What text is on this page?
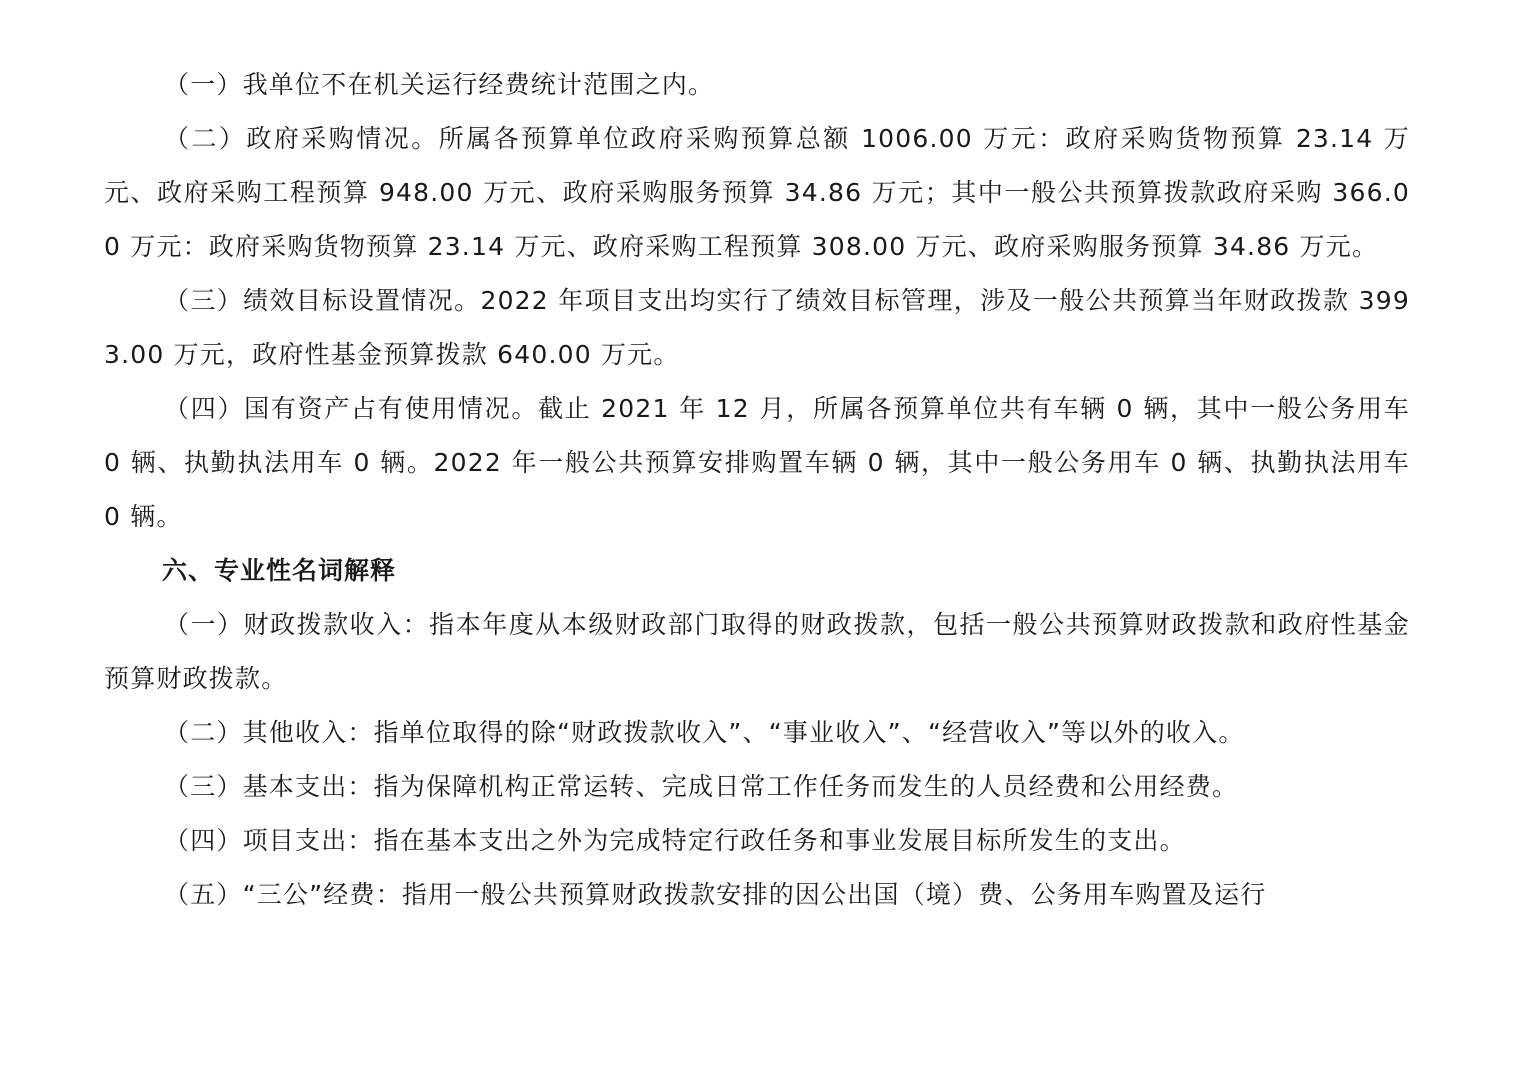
（一）我单位不在机关运行经费统计范围之内。

（二）政府采购情况。所属各预算单位政府采购预算总额 1006.00 万元：政府采购货物预算 23.14 万元、政府采购工程预算 948.00 万元、政府采购服务预算 34.86 万元；其中一般公共预算拨款政府采购 366.00 万元：政府采购货物预算 23.14 万元、政府采购工程预算 308.00 万元、政府采购服务预算 34.86 万元。

（三）绩效目标设置情况。2022 年项目支出均实行了绩效目标管理，涉及一般公共预算当年财政拨款 3993.00 万元，政府性基金预算拨款 640.00 万元。

（四）国有资产占有使用情况。截止 2021 年 12 月，所属各预算单位共有车辆 0 辆，其中一般公务用车 0 辆、执勤执法用车 0 辆。2022 年一般公共预算安排购置车辆 0 辆，其中一般公务用车 0 辆、执勤执法用车 0 辆。

六、专业性名词解释

（一）财政拨款收入：指本年度从本级财政部门取得的财政拨款，包括一般公共预算财政拨款和政府性基金预算财政拨款。

（二）其他收入：指单位取得的除“财政拨款收入”、“事业收入”、“经营收入”等以外的收入。

（三）基本支出：指为保障机构正常运转、完成日常工作任务而发生的人员经费和公用经费。

（四）项目支出：指在基本支出之外为完成特定行政任务和事业发展目标所发生的支出。

（五）“三公”经费：指用一般公共预算财政拨款安排的因公出国（境）费、公务用车购置及运行
